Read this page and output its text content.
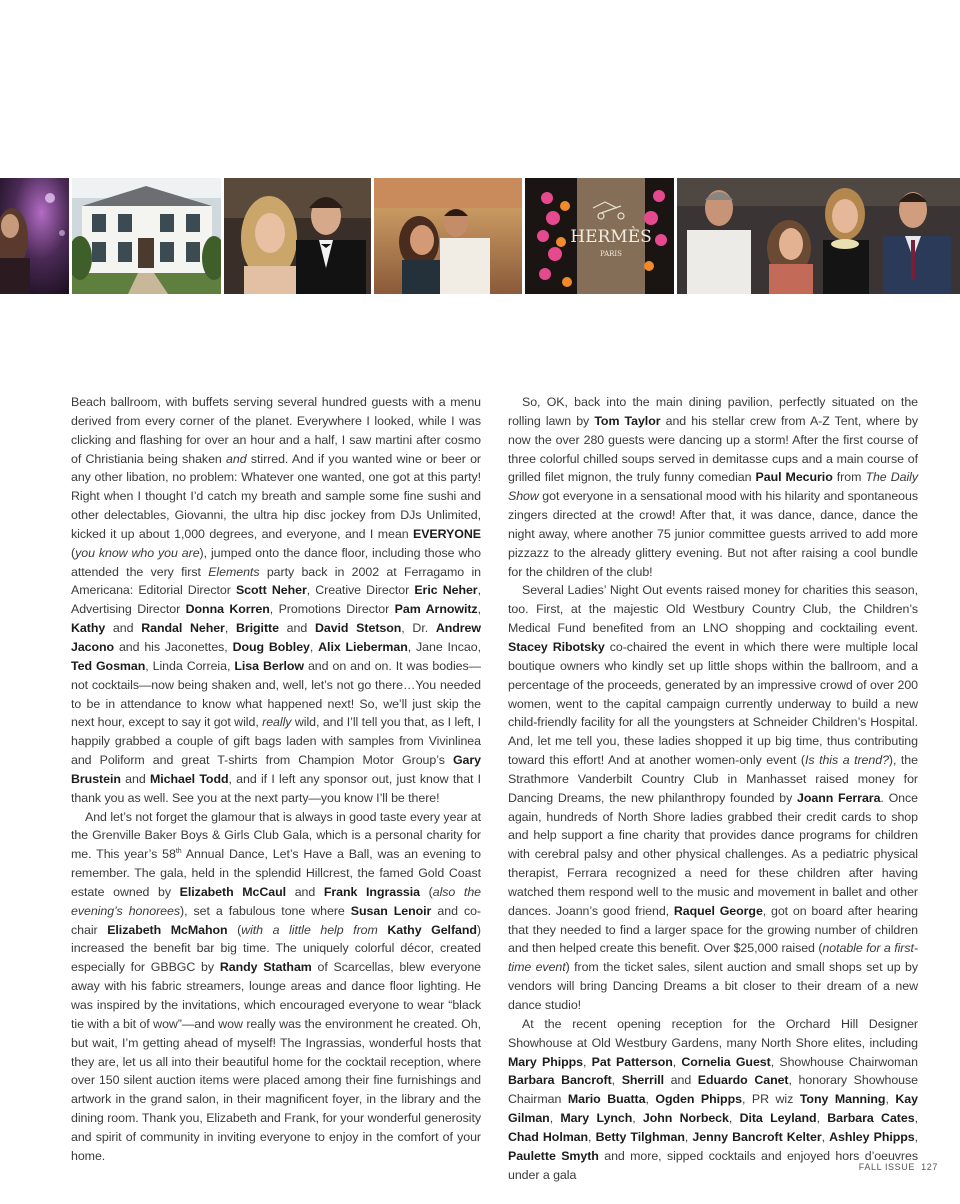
HERMÈS
PARIS

Beach ballroom, with buffets serving several hundred guests with a menu derived from every corner of the planet. Everywhere I looked, while I was clicking and flashing for over an hour and a half, I saw martini after cosmo of Christiania being shaken and stirred. And if you wanted wine or beer or any other libation, no problem: Whatever one wanted, one got at this party! Right when I thought I’d catch my breath and sample some fine sushi and other delectables, Giovanni, the ultra hip disc jockey from DJs Unlimited, kicked it up about 1,000 degrees, and everyone, and I mean EVERYONE (you know who you are), jumped onto the dance floor, including those who attended the very first Elements party back in 2002 at Ferragamo in Americana: Editorial Director Scott Neher, Creative Director Eric Neher, Advertising Director Donna Korren, Promotions Director Pam Arnowitz, Kathy and Randal Neher, Brigitte and David Stetson, Dr. Andrew Jacono and his Jaconettes, Doug Bobley, Alix Lieberman, Jane Incao, Ted Gosman, Linda Correia, Lisa Berlow and on and on. It was bodies—not cocktails—now being shaken and, well, let’s not go there…You needed to be in attendance to know what happened next! So, we’ll just skip the next hour, except to say it got wild, really wild, and I’ll tell you that, as I left, I happily grabbed a couple of gift bags laden with samples from Vivinlinea and Poliform and great T-shirts from Champion Motor Group’s Gary Brustein and Michael Todd, and if I left any sponsor out, just know that I thank you as well. See you at the next party—you know I’ll be there!

And let’s not forget the glamour that is always in good taste every year at the Grenville Baker Boys & Girls Club Gala, which is a personal charity for me. This year’s 58th Annual Dance, Let’s Have a Ball, was an evening to remember. The gala, held in the splendid Hillcrest, the famed Gold Coast estate owned by Elizabeth McCaul and Frank Ingrassia (also the evening’s honorees), set a fabulous tone where Susan Lenoir and co-chair Elizabeth McMahon (with a little help from Kathy Gelfand) increased the benefit bar big time. The uniquely colorful décor, created especially for GBBGC by Randy Statham of Scarcellas, blew everyone away with his fabric streamers, lounge areas and dance floor lighting. He was inspired by the invitations, which encouraged everyone to wear “black tie with a bit of wow”—and wow really was the environment he created. Oh, but wait, I’m getting ahead of myself! The Ingrassias, wonderful hosts that they are, let us all into their beautiful home for the cocktail reception, where over 150 silent auction items were placed among their fine furnishings and artwork in the grand salon, in their magnificent foyer, in the library and the dining room. Thank you, Elizabeth and Frank, for your wonderful generosity and spirit of community in inviting everyone to enjoy in the comfort of your home.

So, OK, back into the main dining pavilion, perfectly situated on the rolling lawn by Tom Taylor and his stellar crew from A-Z Tent, where by now the over 280 guests were dancing up a storm! After the first course of three colorful chilled soups served in demitasse cups and a main course of grilled filet mignon, the truly funny comedian Paul Mecurio from The Daily Show got everyone in a sensational mood with his hilarity and spontaneous zingers directed at the crowd! After that, it was dance, dance, dance the night away, where another 75 junior committee guests arrived to add more pizzazz to the already glittery evening. But not after raising a cool bundle for the children of the club!

Several Ladies’ Night Out events raised money for charities this season, too. First, at the majestic Old Westbury Country Club, the Children’s Medical Fund benefited from an LNO shopping and cocktailing event. Stacey Ribotsky co-chaired the event in which there were multiple local boutique owners who kindly set up little shops within the ballroom, and a percentage of the proceeds, generated by an impressive crowd of over 200 women, went to the capital campaign currently underway to build a new child-friendly facility for all the youngsters at Schneider Children’s Hospital. And, let me tell you, these ladies shopped it up big time, thus contributing toward this effort! And at another women-only event (Is this a trend?), the Strathmore Vanderbilt Country Club in Manhasset raised money for Dancing Dreams, the new philanthropy founded by Joann Ferrara. Once again, hundreds of North Shore ladies grabbed their credit cards to shop and help support a fine charity that provides dance programs for children with cerebral palsy and other physical challenges. As a pediatric physical therapist, Ferrara recognized a need for these children after having watched them respond well to the music and movement in ballet and other dances. Joann’s good friend, Raquel George, got on board after hearing that they needed to find a larger space for the growing number of children and then helped create this benefit. Over $25,000 raised (notable for a first-time event) from the ticket sales, silent auction and small shops set up by vendors will bring Dancing Dreams a bit closer to their dream of a new dance studio!

At the recent opening reception for the Orchard Hill Designer Showhouse at Old Westbury Gardens, many North Shore elites, including Mary Phipps, Pat Patterson, Cornelia Guest, Showhouse Chairwoman Barbara Bancroft, Sherrill and Eduardo Canet, honorary Showhouse Chairman Mario Buatta, Ogden Phipps, PR wiz Tony Manning, Kay Gilman, Mary Lynch, John Norbeck, Dita Leyland, Barbara Cates, Chad Holman, Betty Tilghman, Jenny Bancroft Kelter, Ashley Phipps, Paulette Smyth and more, sipped cocktails and enjoyed hors d’oeuvres under a gala

FALL ISSUE 127
